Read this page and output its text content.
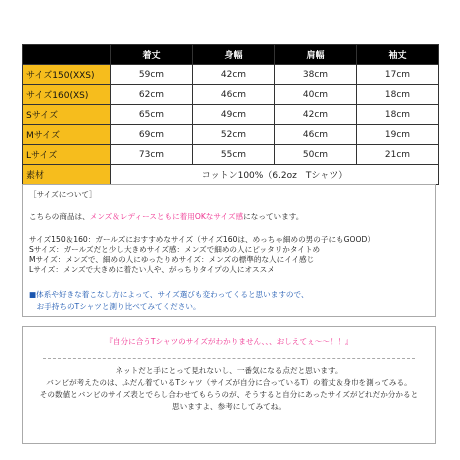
	着丈	身幅	肩幅	袖丈
サイズ150(XXS)	59cm	42cm	38cm	17cm
サイズ160(XS)	62cm	46cm	40cm	18cm
Sサイズ	65cm	49cm	42cm	18cm
Mサイズ	69cm	52cm	46cm	19cm
Lサイズ	73cm	55cm	50cm	21cm
素材	コットン100%（6.2oz　Tシャツ）			
［サイズについて］
こちらの商品は、メンズ＆レディースともに着用OKなサイズ感になっています。
サイズ150＆160：ガールズにおすすめなサイズ（サイズ160は、めっちゃ細めの男の子にもGOOD）
Sサイズ：ガールズだと少し大きめサイズ感：メンズで細めの人にピッタリかタイトめ
Mサイズ：メンズで、細めの人にゆったりめサイズ：メンズの標準的な人にイイ感じ
Lサイズ：メンズで大きめに着たい人や、がっちりタイプの人にオススメ
■体系や好きな着こなし方によって、サイズ選びも変わってくると思いますので、
　お手持ちのTシャツと測り比べてみてください。
『自分に合うTシャツのサイズがわかりません、、、おしえてぇ〜〜！！』
ネットだと手にとって見れないし、一番気になる点だと思います。
バンビが考えたのは、ふだん着ているTシャツ（サイズが自分に合っているT）の着丈＆身巾を測ってみる。
その数値とバンビのサイズ表とでらし合わせてもらうのが、そうすると自分にあったサイズがどれだか分かると
思いますよ、参考にしてみてね。
